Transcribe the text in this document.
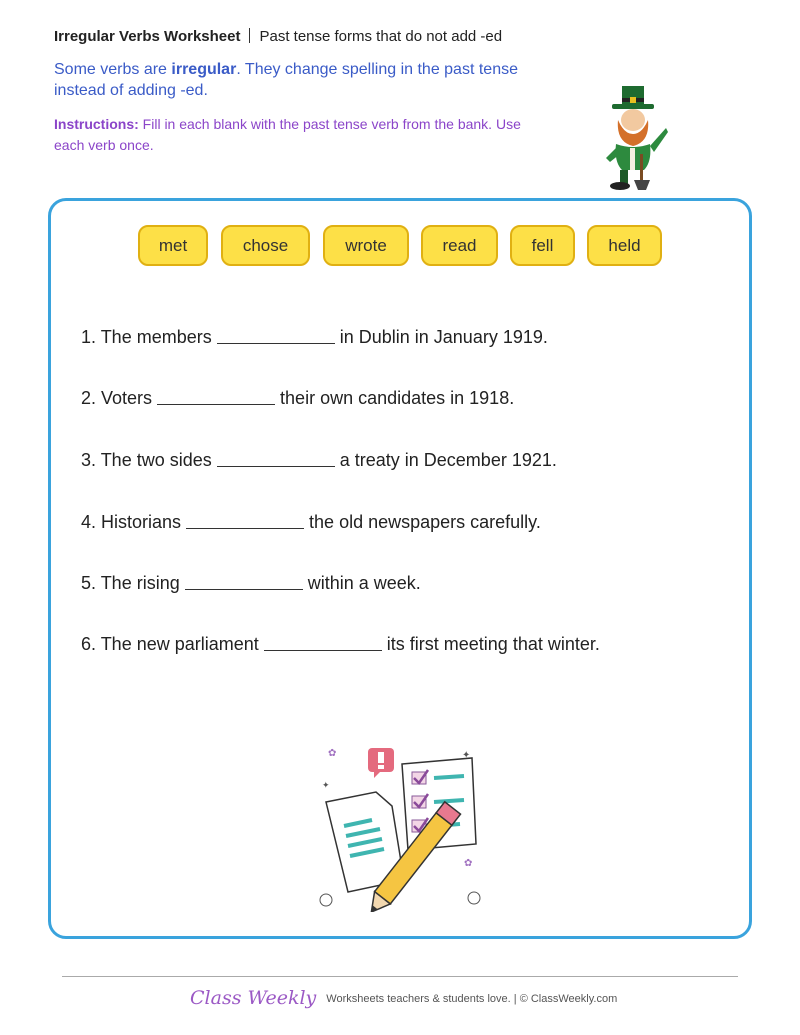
Irregular Verbs Worksheet Past tense forms that do not add -ed
Some verbs are irregular. They change spelling in the past tense instead of adding -ed.
Instructions: Fill in each blank with the past tense verb from the bank. Use each verb once.
met	chose	wrote	read	fell	held
1. The members	in Dublin in January 1919.
2. Voters	their own candidates in 1918.
3. The two sides	a treaty in December 1921.
4. Historians	the old newspapers carefully.
5. The rising	within a week.
6. The new parliament	its first meeting that winter.
✦
✦
✿
✿
Class Weekly Worksheets teachers & students love. | © ClassWeekly.com
